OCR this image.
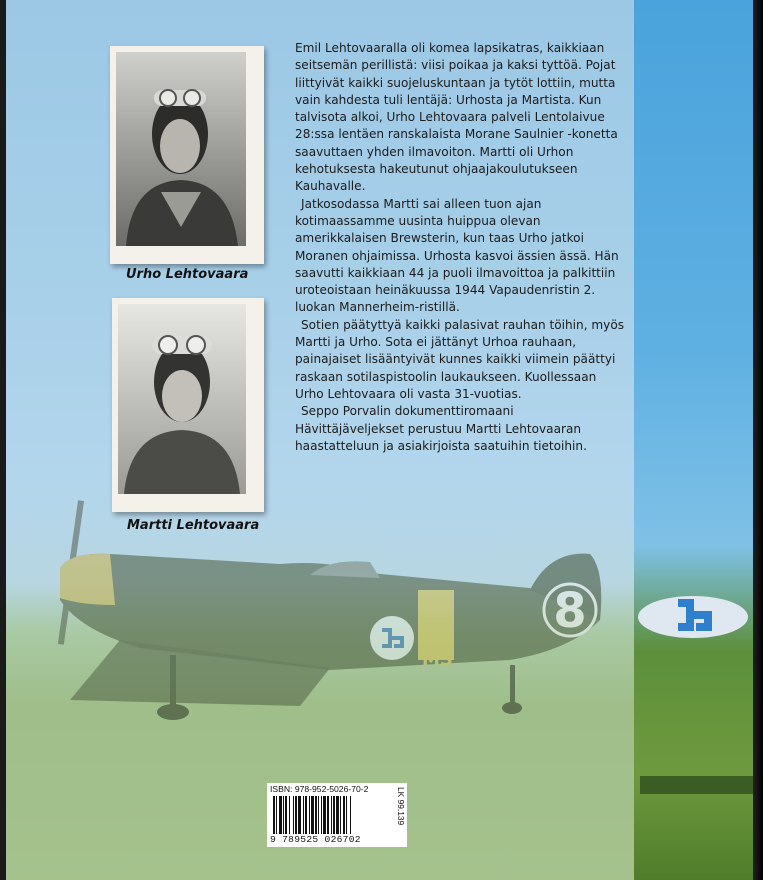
8
MS
Urho Lehtovaara
Martti Lehtovaara

Emil Lehtovaaralla oli komea lapsikatras, kaikkiaan seitsemän perillistä: viisi poikaa ja kaksi tyttöä. Pojat liittyivät kaikki suojeluskuntaan ja tytöt lottiin, mutta vain kahdesta tuli lentäjä: Urhosta ja Martista. Kun talvisota alkoi, Urho Lehtovaara palveli Lentolaivue 28:ssa lentäen ranskalaista Morane Saulnier -konetta saavuttaen yhden ilmavoiton. Martti oli Urhon kehotuksesta hakeutunut ohjaajakoulutukseen Kauhavalle.

Jatkosodassa Martti sai alleen tuon ajan kotimaassamme uusinta huippua olevan amerikkalaisen Brewsterin, kun taas Urho jatkoi Moranen ohjaimissa. Urhosta kasvoi ässien ässä. Hän saavutti kaikkiaan 44 ja puoli ilmavoittoa ja palkittiin uroteoistaan heinäkuussa 1944 Vapaudenristin 2. luokan Mannerheim-ristillä.

Sotien päätyttyä kaikki palasivat rauhan töihin, myös Martti ja Urho. Sota ei jättänyt Urhoa rauhaan, painajaiset lisääntyivät kunnes kaikki viimein päättyi raskaan sotilaspistoolin laukaukseen. Kuollessaan Urho Lehtovaara oli vasta 31-vuotias.

Seppo Porvalin dokumenttiromaani Hävittäjäveljekset perustuu Martti Lehtovaaran haastatteluun ja asiakirjoista saatuihin tietoihin.

ISBN: 978-952-5026-70-2
9 789525 026702
LK 99.139
